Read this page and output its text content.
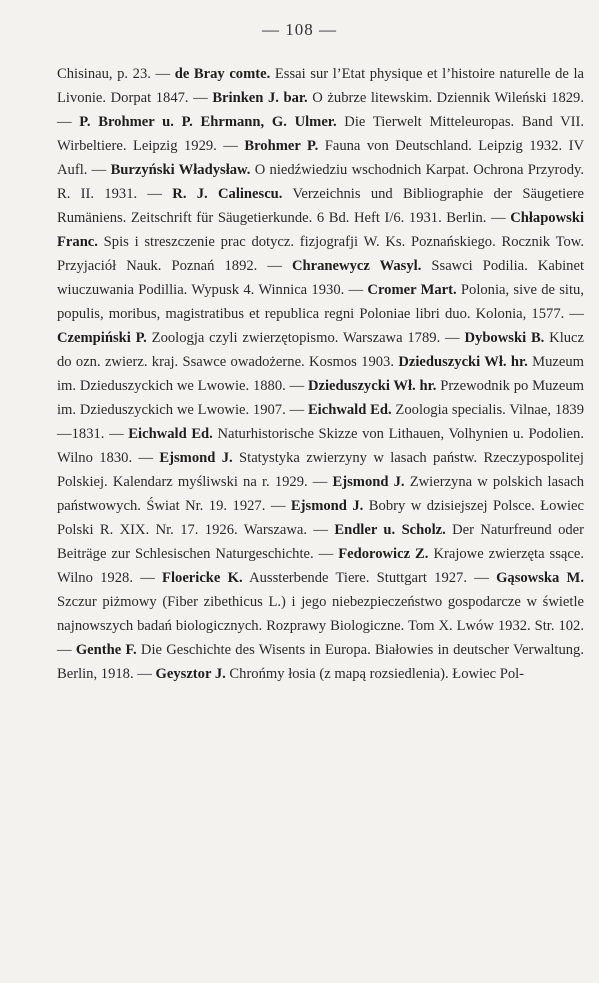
— 108 —
Chisinau, p. 23. — de Bray comte. Essai sur l’Etat physique et l’histoire naturelle de la Livonie. Dorpat 1847. — Brinken J. bar. O żubrze litewskim. Dziennik Wileński 1829. — P. Brohmer u. P. Ehrmann, G. Ulmer. Die Tierwelt Mitteleuropas. Band VII. Wirbeltiere. Leipzig 1929. — Brohmer P. Fauna von Deutschland. Leipzig 1932. IV Aufl. — Burzyński Władysław. O niedźwiedziu wschodnich Karpat. Ochrona Przyrody. R. II. 1931. — R. J. Calinescu. Verzeichnis und Bibliographie der Säugetiere Rumäniens. Zeitschrift für Säugetierkunde. 6 Bd. Heft I/6. 1931. Berlin. — Chłapowski Franc. Spis i streszczenie prac dotycz. fizjografji W. Ks. Poznańskiego. Rocznik Tow. Przyjaciół Nauk. Poznań 1892. — Chranewycz Wasyl. Ssawci Podilia. Kabinet wiuczuwania Podillia. Wypusk 4. Winnica 1930. — Cromer Mart. Polonia, sive de situ, populis, moribus, magistratibus et republica regni Poloniae libri duo. Kolonia, 1577. — Czempiński P. Zoologja czyli zwierzętopismo. Warszawa 1789. — Dybowski B. Klucz do ozn. zwierz. kraj. Ssawce owadożerne. Kosmos 1903. Dzieduszycki Wł. hr. Muzeum im. Dzieduszyckich we Lwowie. 1880. — Dzieduszycki Wł. hr. Przewodnik po Muzeum im. Dzieduszyckich we Lwowie. 1907. — Eichwald Ed. Zoologia specialis. Vilnae, 1839—1831. — Eichwald Ed. Naturhistorische Skizze von Lithauen, Volhynien u. Podolien. Wilno 1830. — Ejsmond J. Statystyka zwierzyny w lasach państw. Rzeczypospolitej Polskiej. Kalendarz myśliwski na r. 1929. — Ejsmond J. Zwierzyna w polskich lasach państwowych. Świat Nr. 19. 1927. — Ejsmond J. Bobry w dzisiejszej Polsce. Łowiec Polski R. XIX. Nr. 17. 1926. Warszawa. — Endler u. Scholz. Der Naturfreund oder Beiträge zur Schlesischen Naturgeschichte. — Fedorowicz Z. Krajowe zwierzęta ssące. Wilno 1928. — Floericke K. Aussterbende Tiere. Stuttgart 1927. — Gąsowska M. Szczur piżmowy (Fiber zibethicus L.) i jego niebezpieczeństwo gospodarcze w świetle najnowszych badań biologicznych. Rozprawy Biologiczne. Tom X. Lwów 1932. Str. 102. — Genthe F. Die Geschichte des Wisents in Europa. Białowies in deutscher Verwaltung. Berlin, 1918. — Geysztor J. Chrońmy łosia (z mapą rozsiedlenia). Łowiec Pol-
